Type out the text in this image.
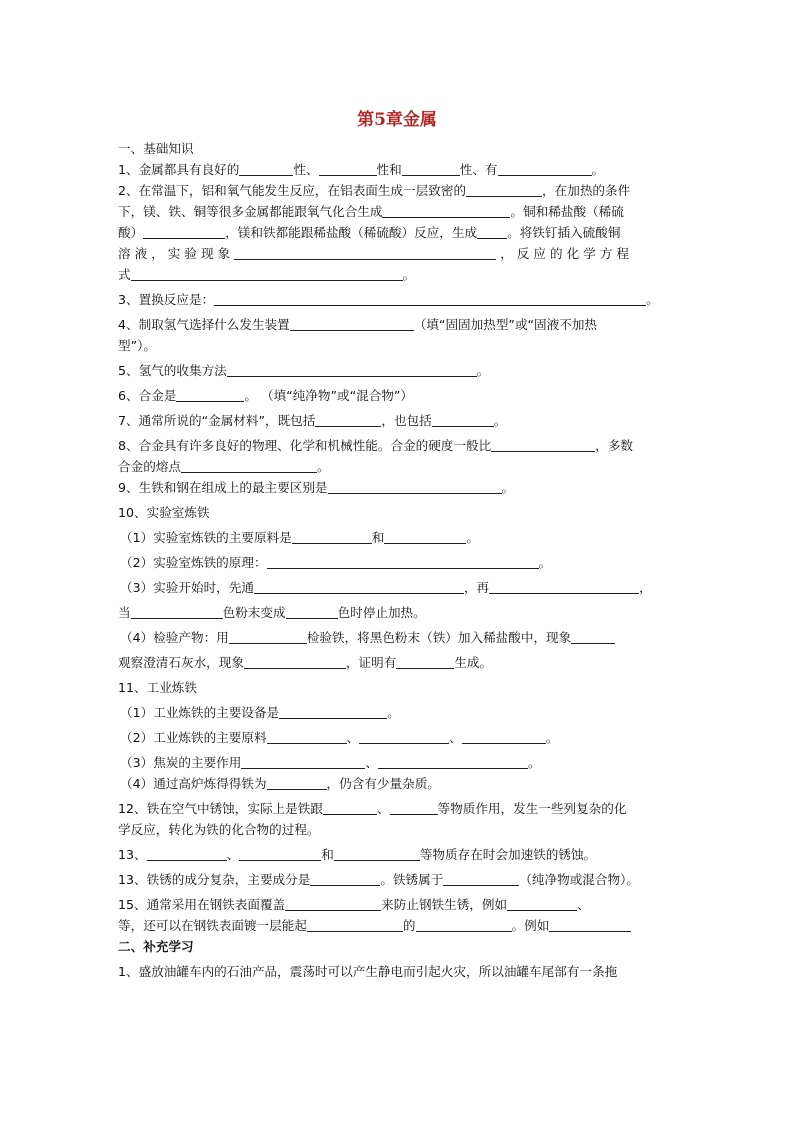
第5章金属
一、基础知识
1、金属都具有良好的	性、	性和	性、有	。
2、在常温下，铝和氧气能发生反应，在铝表面生成一层致密的	，在加热的条件
下，镁、铁、铜等很多金属都能跟氧气化合生成	。铜和稀盐酸（稀硫
酸）	，镁和铁都能跟稀盐酸（稀硫酸）反应，生成 。将铁钉插入硫酸铜
溶 液 ， 实 验 现 象	， 反 应 的 化 学 方 程
式	。
3、置换反应是：	。
4、制取氢气选择什么发生装置	（填“固固加热型”或“固液不加热
型”）。
5、氢气的收集方法	。
6、合金是	。 （填“纯净物”或“混合物”）
7、通常所说的“金属材料”，既包括	，也包括	。
8、合金具有许多良好的物理、化学和机械性能。合金的硬度一般比	，多数
合金的熔点	。
9、生铁和钢在组成上的最主要区别是	。
10、实验室炼铁
（1）实验室炼铁的主要原料是	和	。
（2）实验室炼铁的原理：	。
（3）实验开始时，先通	，再	，
当	色粉末变成	色时停止加热。
（4）检验产物：用	检验铁，将黑色粉末（铁）加入稀盐酸中，现象
观察澄清石灰水，现象	，证明有	生成。
11、工业炼铁
（1）工业炼铁的主要设备是	。
（2）工业炼铁的主要原料	、	、	。
（3）焦炭的主要作用	、	。
（4）通过高炉炼得得铁为	，仍含有少量杂质。
12、铁在空气中锈蚀，实际上是铁跟	、	等物质作用，发生一些列复杂的化
学反应，转化为铁的化合物的过程。
13、	、	和	等物质存在时会加速铁的锈蚀。
13、铁锈的成分复杂，主要成分是	。铁锈属于	（纯净物或混合物）。
15、通常采用在钢铁表面覆盖	来防止钢铁生锈，例如	、
等，还可以在钢铁表面镀一层能起	的	。例如
二、补充学习
1、盛放油罐车内的石油产品，震荡时可以产生静电而引起火灾，所以油罐车尾部有一条拖
